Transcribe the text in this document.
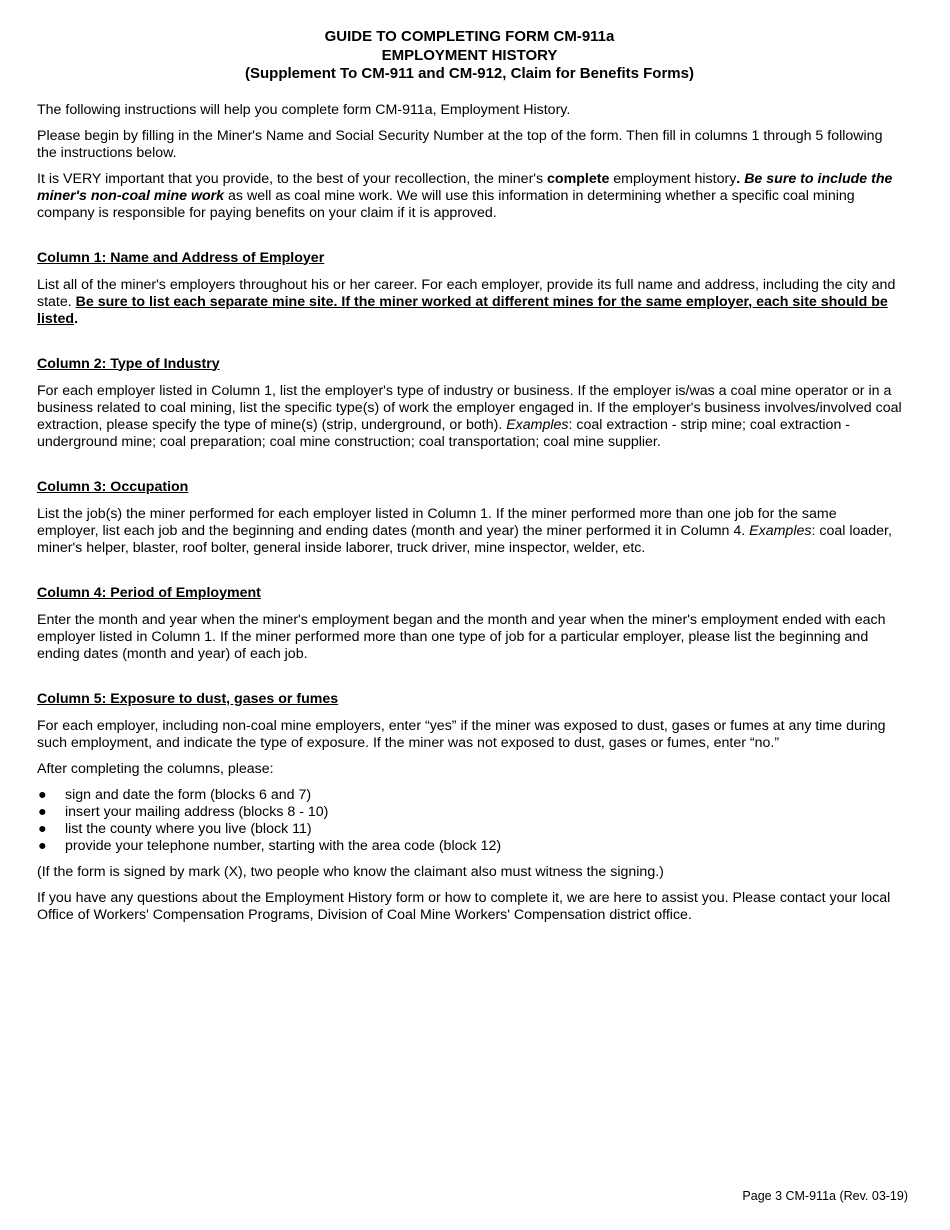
GUIDE TO COMPLETING FORM CM-911a
EMPLOYMENT HISTORY
(Supplement To CM-911 and CM-912, Claim for Benefits Forms)

The following instructions will help you complete form CM-911a, Employment History.

Please begin by filling in the Miner's Name and Social Security Number at the top of the form. Then fill in columns 1 through 5 following the instructions below.

It is VERY important that you provide, to the best of your recollection, the miner's complete employment history. Be sure to include the miner's non-coal mine work as well as coal mine work. We will use this information in determining whether a specific coal mining company is responsible for paying benefits on your claim if it is approved.

Column 1: Name and Address of Employer

List all of the miner's employers throughout his or her career. For each employer, provide its full name and address, including the city and state. Be sure to list each separate mine site. If the miner worked at different mines for the same employer, each site should be listed.

Column 2: Type of Industry

For each employer listed in Column 1, list the employer's type of industry or business. If the employer is/was a coal mine operator or in a business related to coal mining, list the specific type(s) of work the employer engaged in. If the employer's business involves/involved coal extraction, please specify the type of mine(s) (strip, underground, or both). Examples: coal extraction - strip mine; coal extraction - underground mine; coal preparation; coal mine construction; coal transportation; coal mine supplier.

Column 3: Occupation

List the job(s) the miner performed for each employer listed in Column 1. If the miner performed more than one job for the same employer, list each job and the beginning and ending dates (month and year) the miner performed it in Column 4. Examples: coal loader, miner's helper, blaster, roof bolter, general inside laborer, truck driver, mine inspector, welder, etc.

Column 4: Period of Employment

Enter the month and year when the miner's employment began and the month and year when the miner's employment ended with each employer listed in Column 1. If the miner performed more than one type of job for a particular employer, please list the beginning and ending dates (month and year) of each job.

Column 5: Exposure to dust, gases or fumes

For each employer, including non-coal mine employers, enter “yes” if the miner was exposed to dust, gases or fumes at any time during such employment, and indicate the type of exposure. If the miner was not exposed to dust, gases or fumes, enter “no.”

After completing the columns, please:

● sign and date the form (blocks 6 and 7)
● insert your mailing address (blocks 8 - 10)
● list the county where you live (block 11)
● provide your telephone number, starting with the area code (block 12)

(If the form is signed by mark (X), two people who know the claimant also must witness the signing.)

If you have any questions about the Employment History form or how to complete it, we are here to assist you. Please contact your local Office of Workers' Compensation Programs, Division of Coal Mine Workers' Compensation district office.

Page 3 CM-911a (Rev. 03-19)
